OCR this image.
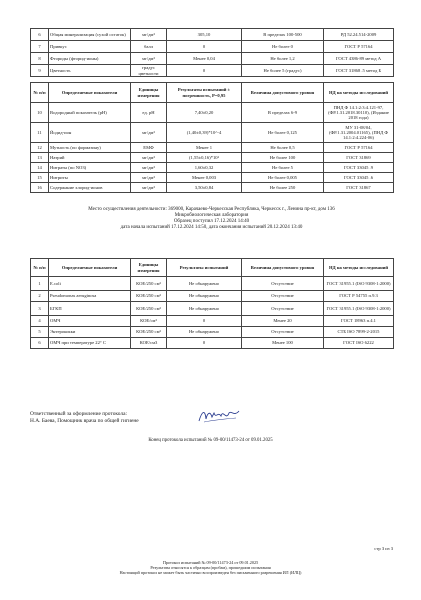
6	Общая минерализация (сухой остаток)	мг/дм³	305,10	В пределах 100-500	РД 52.24.514-2009
7	Привкус	балл	0	Не более 0	ГОСТ Р 57164
8	Фториды (фторид-ионы)	мг/дм³	Менее 0,04	Не более 1,2	ГОСТ 4386-89 метод А
9	Цветность	градус цветности	0	Не более 5 (градус)	ГОСТ 31868 .5 метод Б
№ п/п	Определяемые показатели	Единицы измерения	Результаты испытаний ± погрешность, Р=0,95	Величина допустимого уровня	НД на методы исследований
10	Водородный показатель (pH)	ед. pH	7,40±0,20	В пределах 6-9	ПНД Ф 14.1:2:3:4.121-97, (ФР.1.31.2018.30110), (Издание 2018 года)
11	Йодид-ион	мг/дм³	(1,40±0,39)*10^-4	Не более 0,125	МУ 31-08/04, (ФР.1.31.2004.01165), (ПНД Ф 14.1:2:4.224-06)
12	Мутность (по формазину)	ЕМФ	Менее 1	Не более 0,5	ГОСТ Р 57164
13	Натрий	мг/дм³	(1,55±0,16)*10¹	Не более 100	ГОСТ 31869
14	Нитраты (по NO3)	мг/дм³	1,60±0,32	Не более 5	ГОСТ 33045 .9
15	Нитриты	мг/дм³	Менее 0,003	Не более 0,005	ГОСТ 33045 .6
16	Содержание хлорид-ионов	мг/дм³	3,50±0,84	Не более 250	ГОСТ 31867
Место осуществления деятельности: 369000, Карачаево-Черкесская Республика, Черкесск г., Ленина пр-кт, дом 136
Микробиологическая лаборатория
Образец поступил 17.12.2024 14:40
дата начала испытаний 17.12.2024 14:50, дата окончания испытаний 20.12.2024 13:40
№ п/п	Определяемые показатели	Единицы измерения	Результаты испытаний	Величина допустимого уровня	НД на методы исследований
1	E.coli	КОЕ/250 см³	Не обнаружено	Отсутствие	ГОСТ 31955.1 (ISO 9308-1:2000)
2	Pseudomonas aeruginosa	КОЕ/250 см³	Не обнаружено	Отсутствие	ГОСТ Р 54755 п.9.3
3	БГКП	КОЕ/250 см³	Не обнаружено	Отсутствие	ГОСТ 31955.1 (ISO 9308-1:2000)
4	ОМЧ	КОЕ/см³	0	Менее 20	ГОСТ 18963 п.4.1
5	Энтерококки	КОЕ/250 см³	Не обнаружено	Отсутствие	СТБ ISO 7899-2-2015
6	ОМЧ при температуре 22° С	КОЕ/см3	0	Менее 100	ГОСТ ISO 6222
Ответственный за оформление протокола:
Н.А. Баева, Помощник врача по общей гигиене
Конец протокола испытаний № 09-00/11473-24 от 09.01.2025
стр 3 из 3
Протокол испытаний № 09-00/11473-24 от 09.01.2025
Результаты относятся к образцам (пробам), прошедшим испытания
Настоящий протокол не может быть частично воспроизведен без письменного разрешения ИЛ (ИЛЦ)
